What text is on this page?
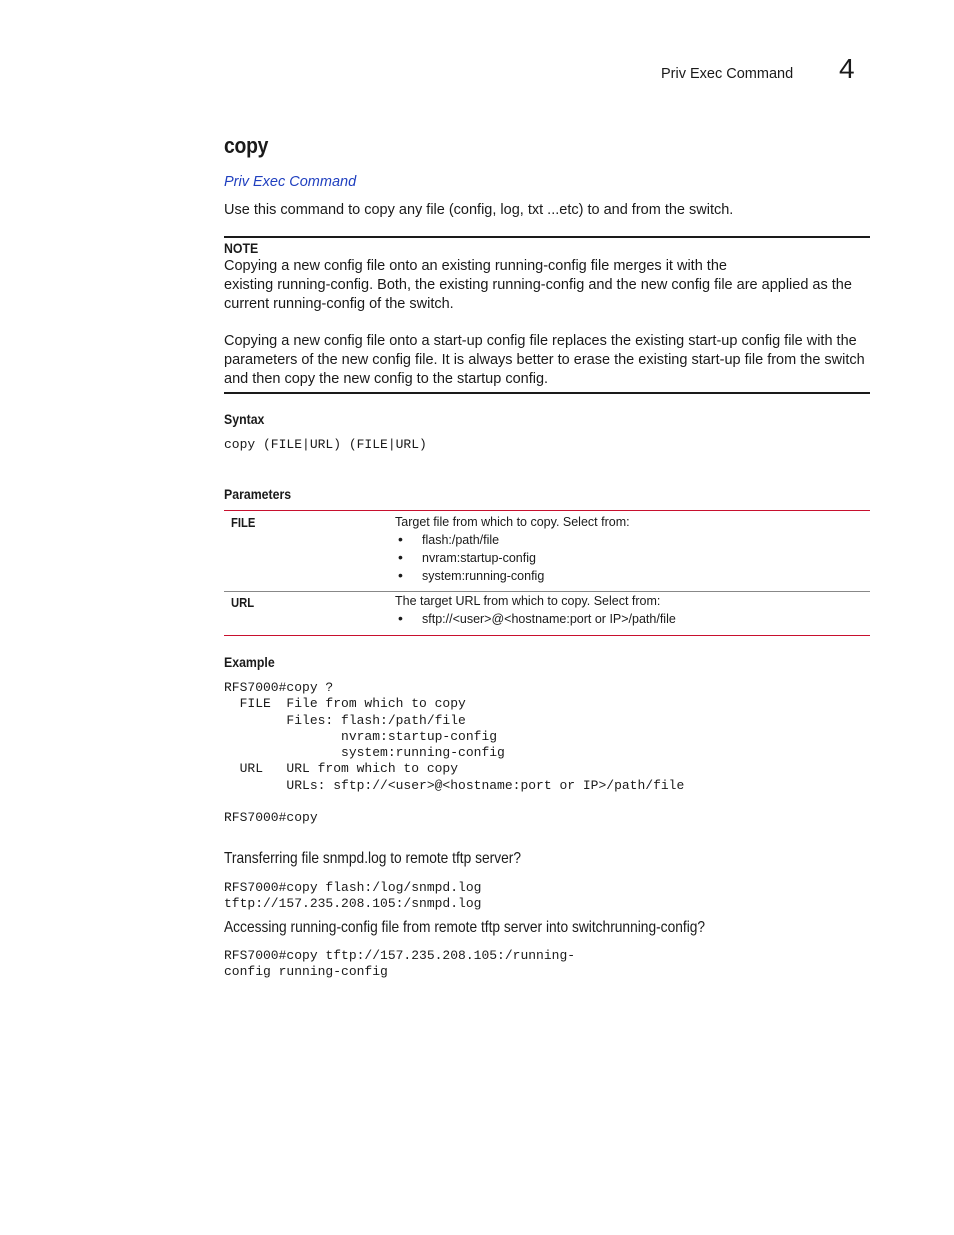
Priv Exec Command 4
copy
Priv Exec Command
Use this command to copy any file (config, log, txt ...etc) to and from the switch.
NOTE
Copying a new config file onto an existing running-config file merges it with the
existing running-config. Both, the existing running-config and the new config file are applied as the current running-config of the switch.
Copying a new config file onto a start-up config file replaces the existing start-up config file with the parameters of the new config file. It is always better to erase the existing start-up file from the switch and then copy the new config to the startup config.
Syntax
copy (FILE|URL) (FILE|URL)
Parameters
FILE	Target file from which to copy. Select from:
• flash:/path/file
• nvram:startup-config
• system:running-config
URL	The target URL from which to copy. Select from:
• sftp://<user>@<hostname:port or IP>/path/file
Example
RFS7000#copy ?
FILE  File from which to copy
Files: flash:/path/file
nvram:startup-config
system:running-config
URL   URL from which to copy
URLs: sftp://<user>@<hostname:port or IP>/path/file

RFS7000#copy
Transferring file snmpd.log to remote tftp server?
RFS7000#copy flash:/log/snmpd.log
tftp://157.235.208.105:/snmpd.log
Accessing running-config file from remote tftp server into switchrunning-config?
RFS7000#copy tftp://157.235.208.105:/running-
config running-config
